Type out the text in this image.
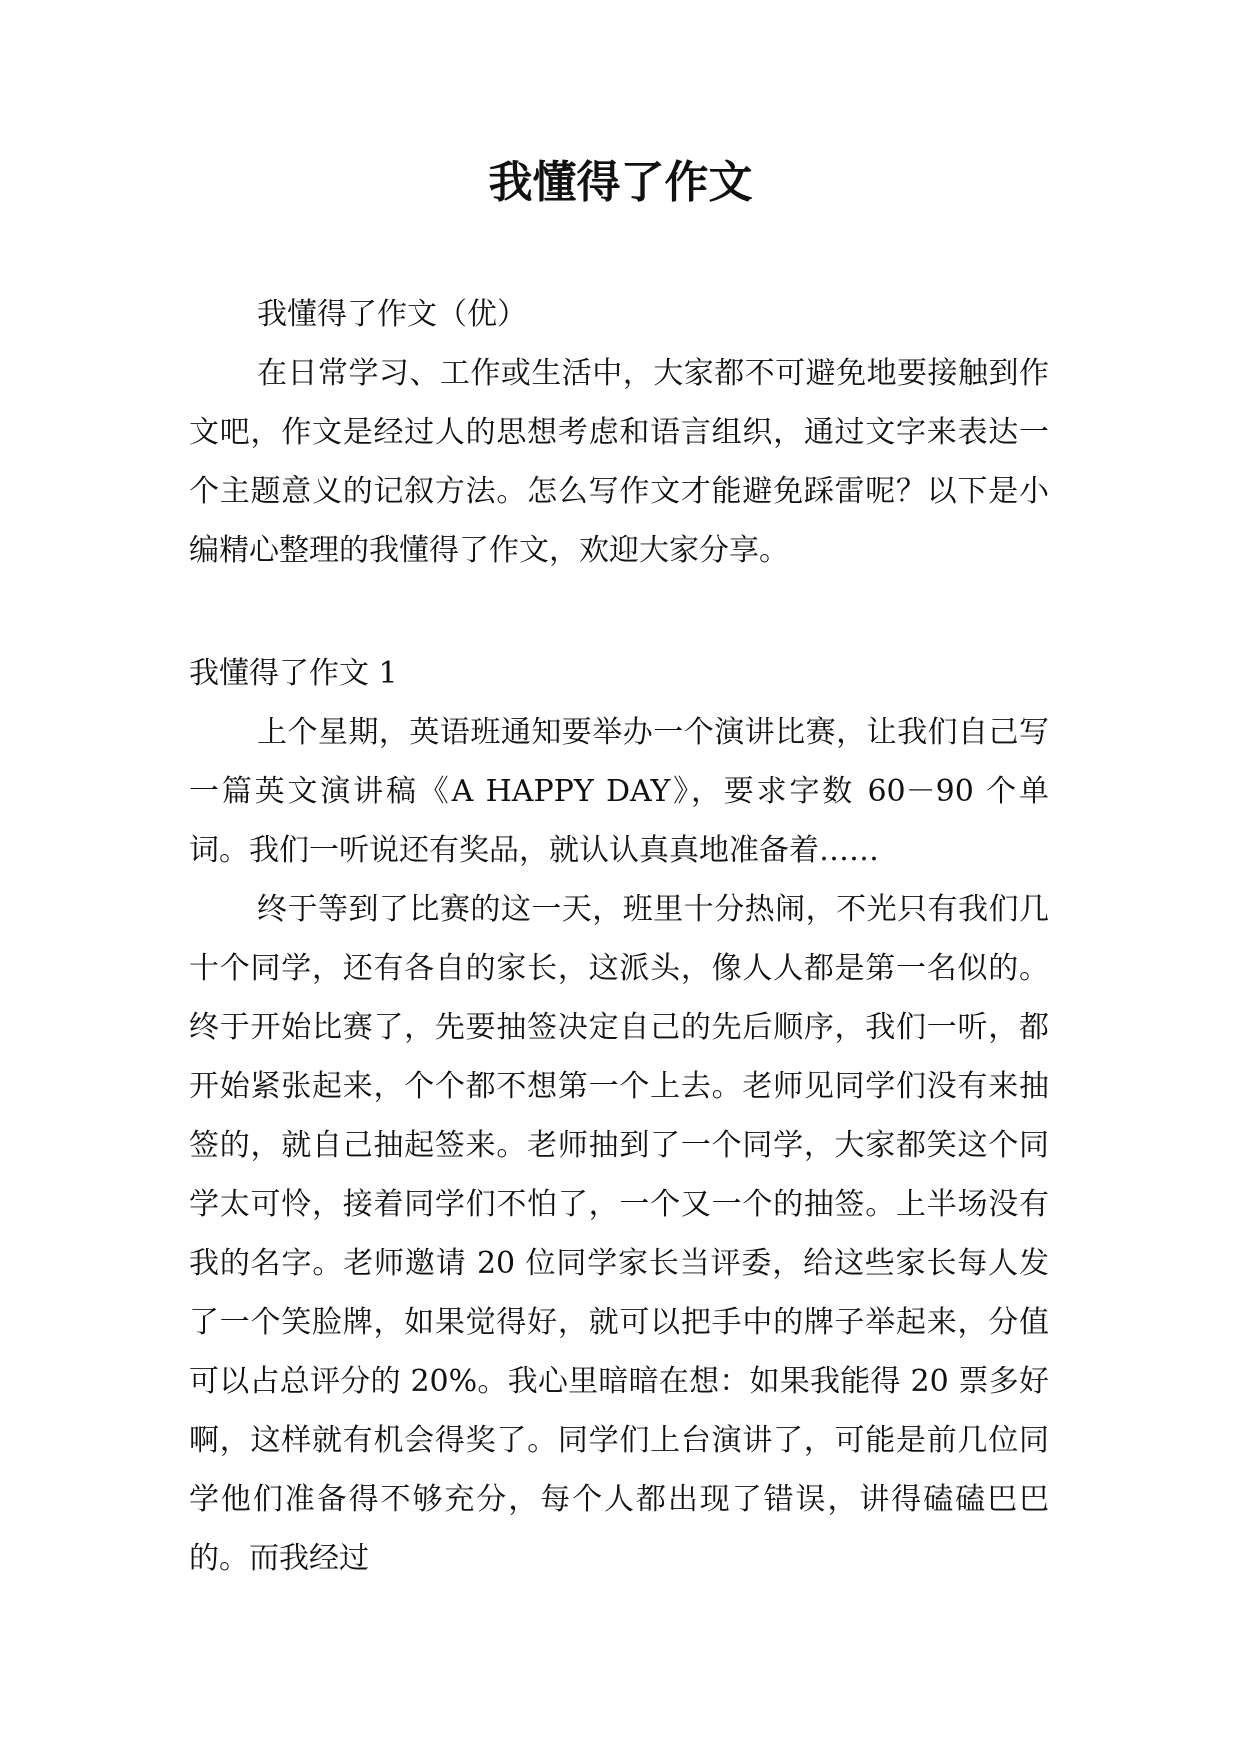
我懂得了作文

我懂得了作文（优）

在日常学习、工作或生活中，大家都不可避免地要接触到作文吧，作文是经过人的思想考虑和语言组织，通过文字来表达一个主题意义的记叙方法。怎么写作文才能避免踩雷呢？以下是小编精心整理的我懂得了作文，欢迎大家分享。

我懂得了作文 1

上个星期，英语班通知要举办一个演讲比赛，让我们自己写一篇英文演讲稿《A HAPPY DAY》，要求字数 60－90 个单词。我们一听说还有奖品，就认认真真地准备着……

终于等到了比赛的这一天，班里十分热闹，不光只有我们几十个同学，还有各自的家长，这派头，像人人都是第一名似的。终于开始比赛了，先要抽签决定自己的先后顺序，我们一听，都开始紧张起来，个个都不想第一个上去。老师见同学们没有来抽签的，就自己抽起签来。老师抽到了一个同学，大家都笑这个同学太可怜，接着同学们不怕了，一个又一个的抽签。上半场没有我的名字。老师邀请 20 位同学家长当评委，给这些家长每人发了一个笑脸牌，如果觉得好，就可以把手中的牌子举起来，分值可以占总评分的 20%。我心里暗暗在想：如果我能得 20 票多好啊，这样就有机会得奖了。同学们上台演讲了，可能是前几位同学他们准备得不够充分，每个人都出现了错误，讲得磕磕巴巴的。而我经过
